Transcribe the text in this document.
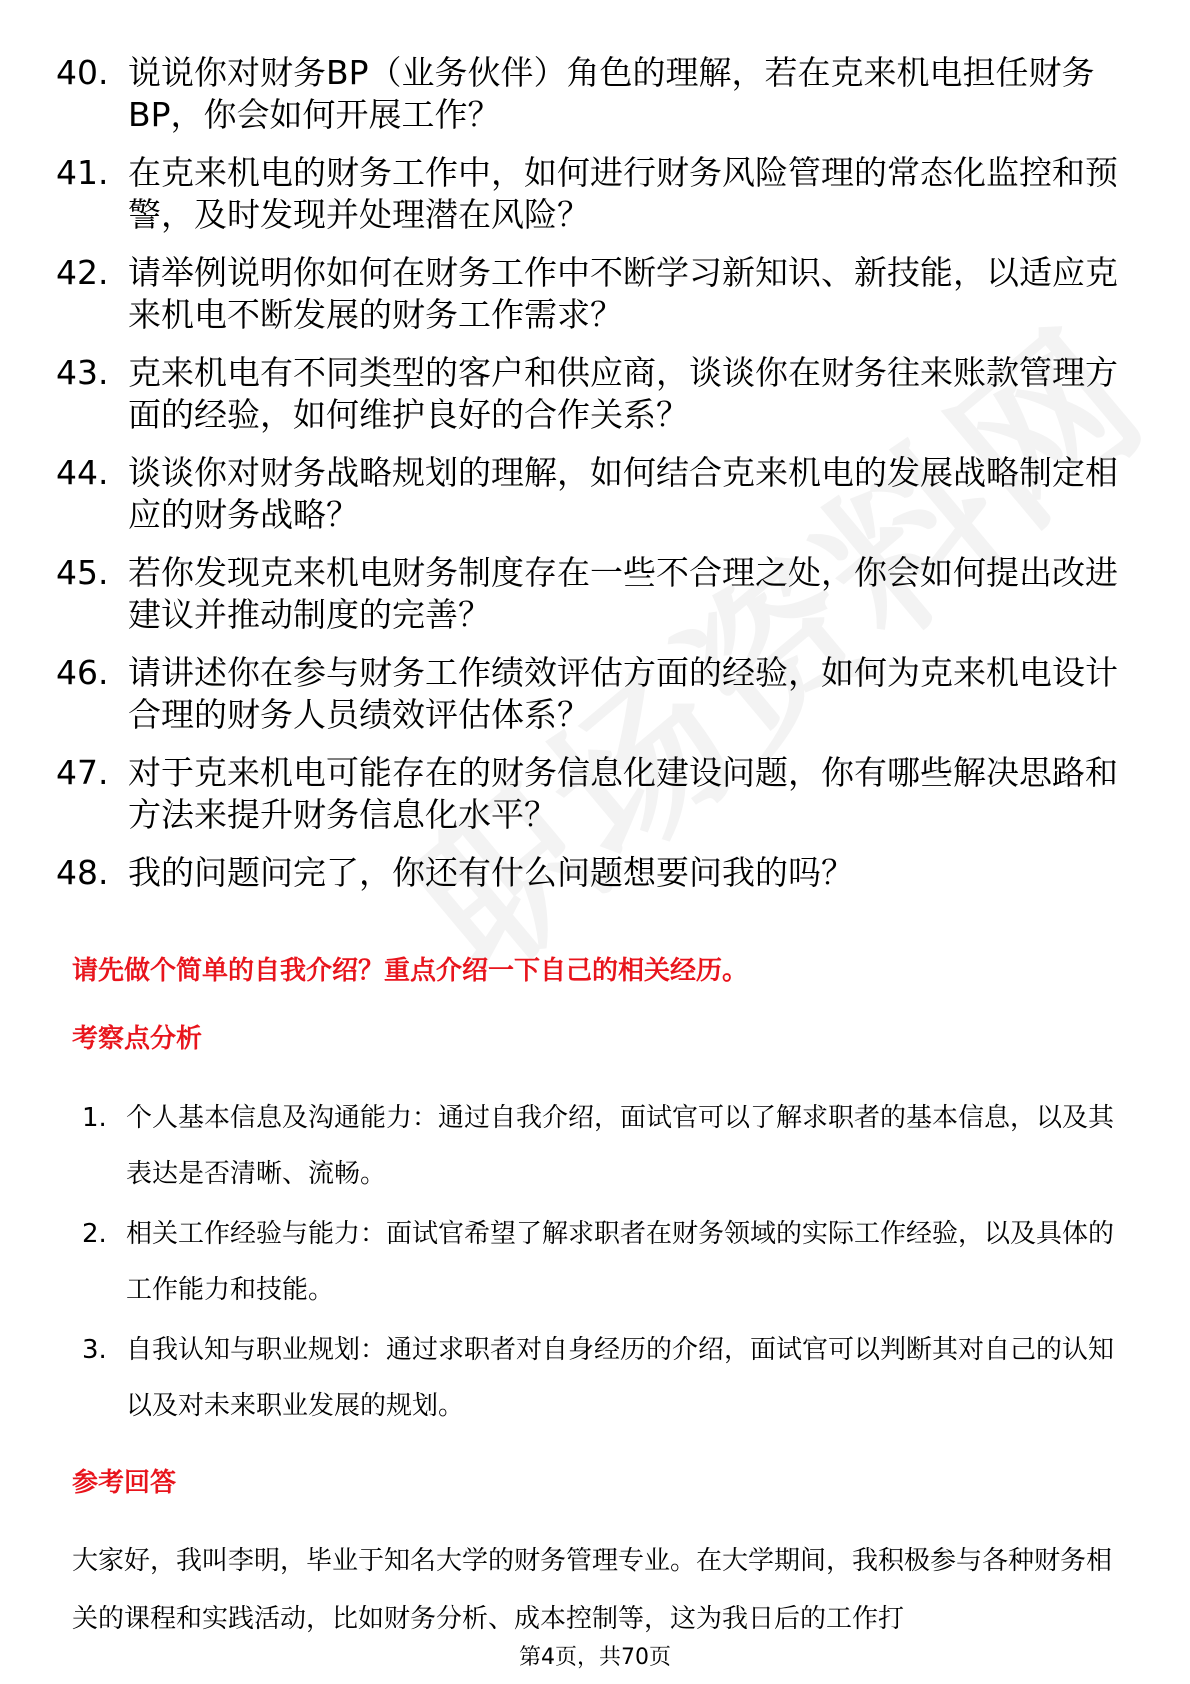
40. 说说你对财务BP（业务伙伴）角色的理解，若在克来机电担任财务BP，你会如何开展工作？
41. 在克来机电的财务工作中，如何进行财务风险管理的常态化监控和预警，及时发现并处理潜在风险？
42. 请举例说明你如何在财务工作中不断学习新知识、新技能，以适应克来机电不断发展的财务工作需求？
43. 克来机电有不同类型的客户和供应商，谈谈你在财务往来账款管理方面的经验，如何维护良好的合作关系？
44. 谈谈你对财务战略规划的理解，如何结合克来机电的发展战略制定相应的财务战略？
45. 若你发现克来机电财务制度存在一些不合理之处，你会如何提出改进建议并推动制度的完善？
46. 请讲述你在参与财务工作绩效评估方面的经验，如何为克来机电设计合理的财务人员绩效评估体系？
47. 对于克来机电可能存在的财务信息化建设问题，你有哪些解决思路和方法来提升财务信息化水平？
48. 我的问题问完了，你还有什么问题想要问我的吗？
请先做个简单的自我介绍？重点介绍一下自己的相关经历。
考察点分析
1. 个人基本信息及沟通能力：通过自我介绍，面试官可以了解求职者的基本信息，以及其表达是否清晰、流畅。
2. 相关工作经验与能力：面试官希望了解求职者在财务领域的实际工作经验，以及具体的工作能力和技能。
3. 自我认知与职业规划：通过求职者对自身经历的介绍，面试官可以判断其对自己的认知以及对未来职业发展的规划。
参考回答
大家好，我叫李明，毕业于知名大学的财务管理专业。在大学期间，我积极参与各种财务相关的课程和实践活动，比如财务分析、成本控制等，这为我日后的工作打
第4页，共70页
